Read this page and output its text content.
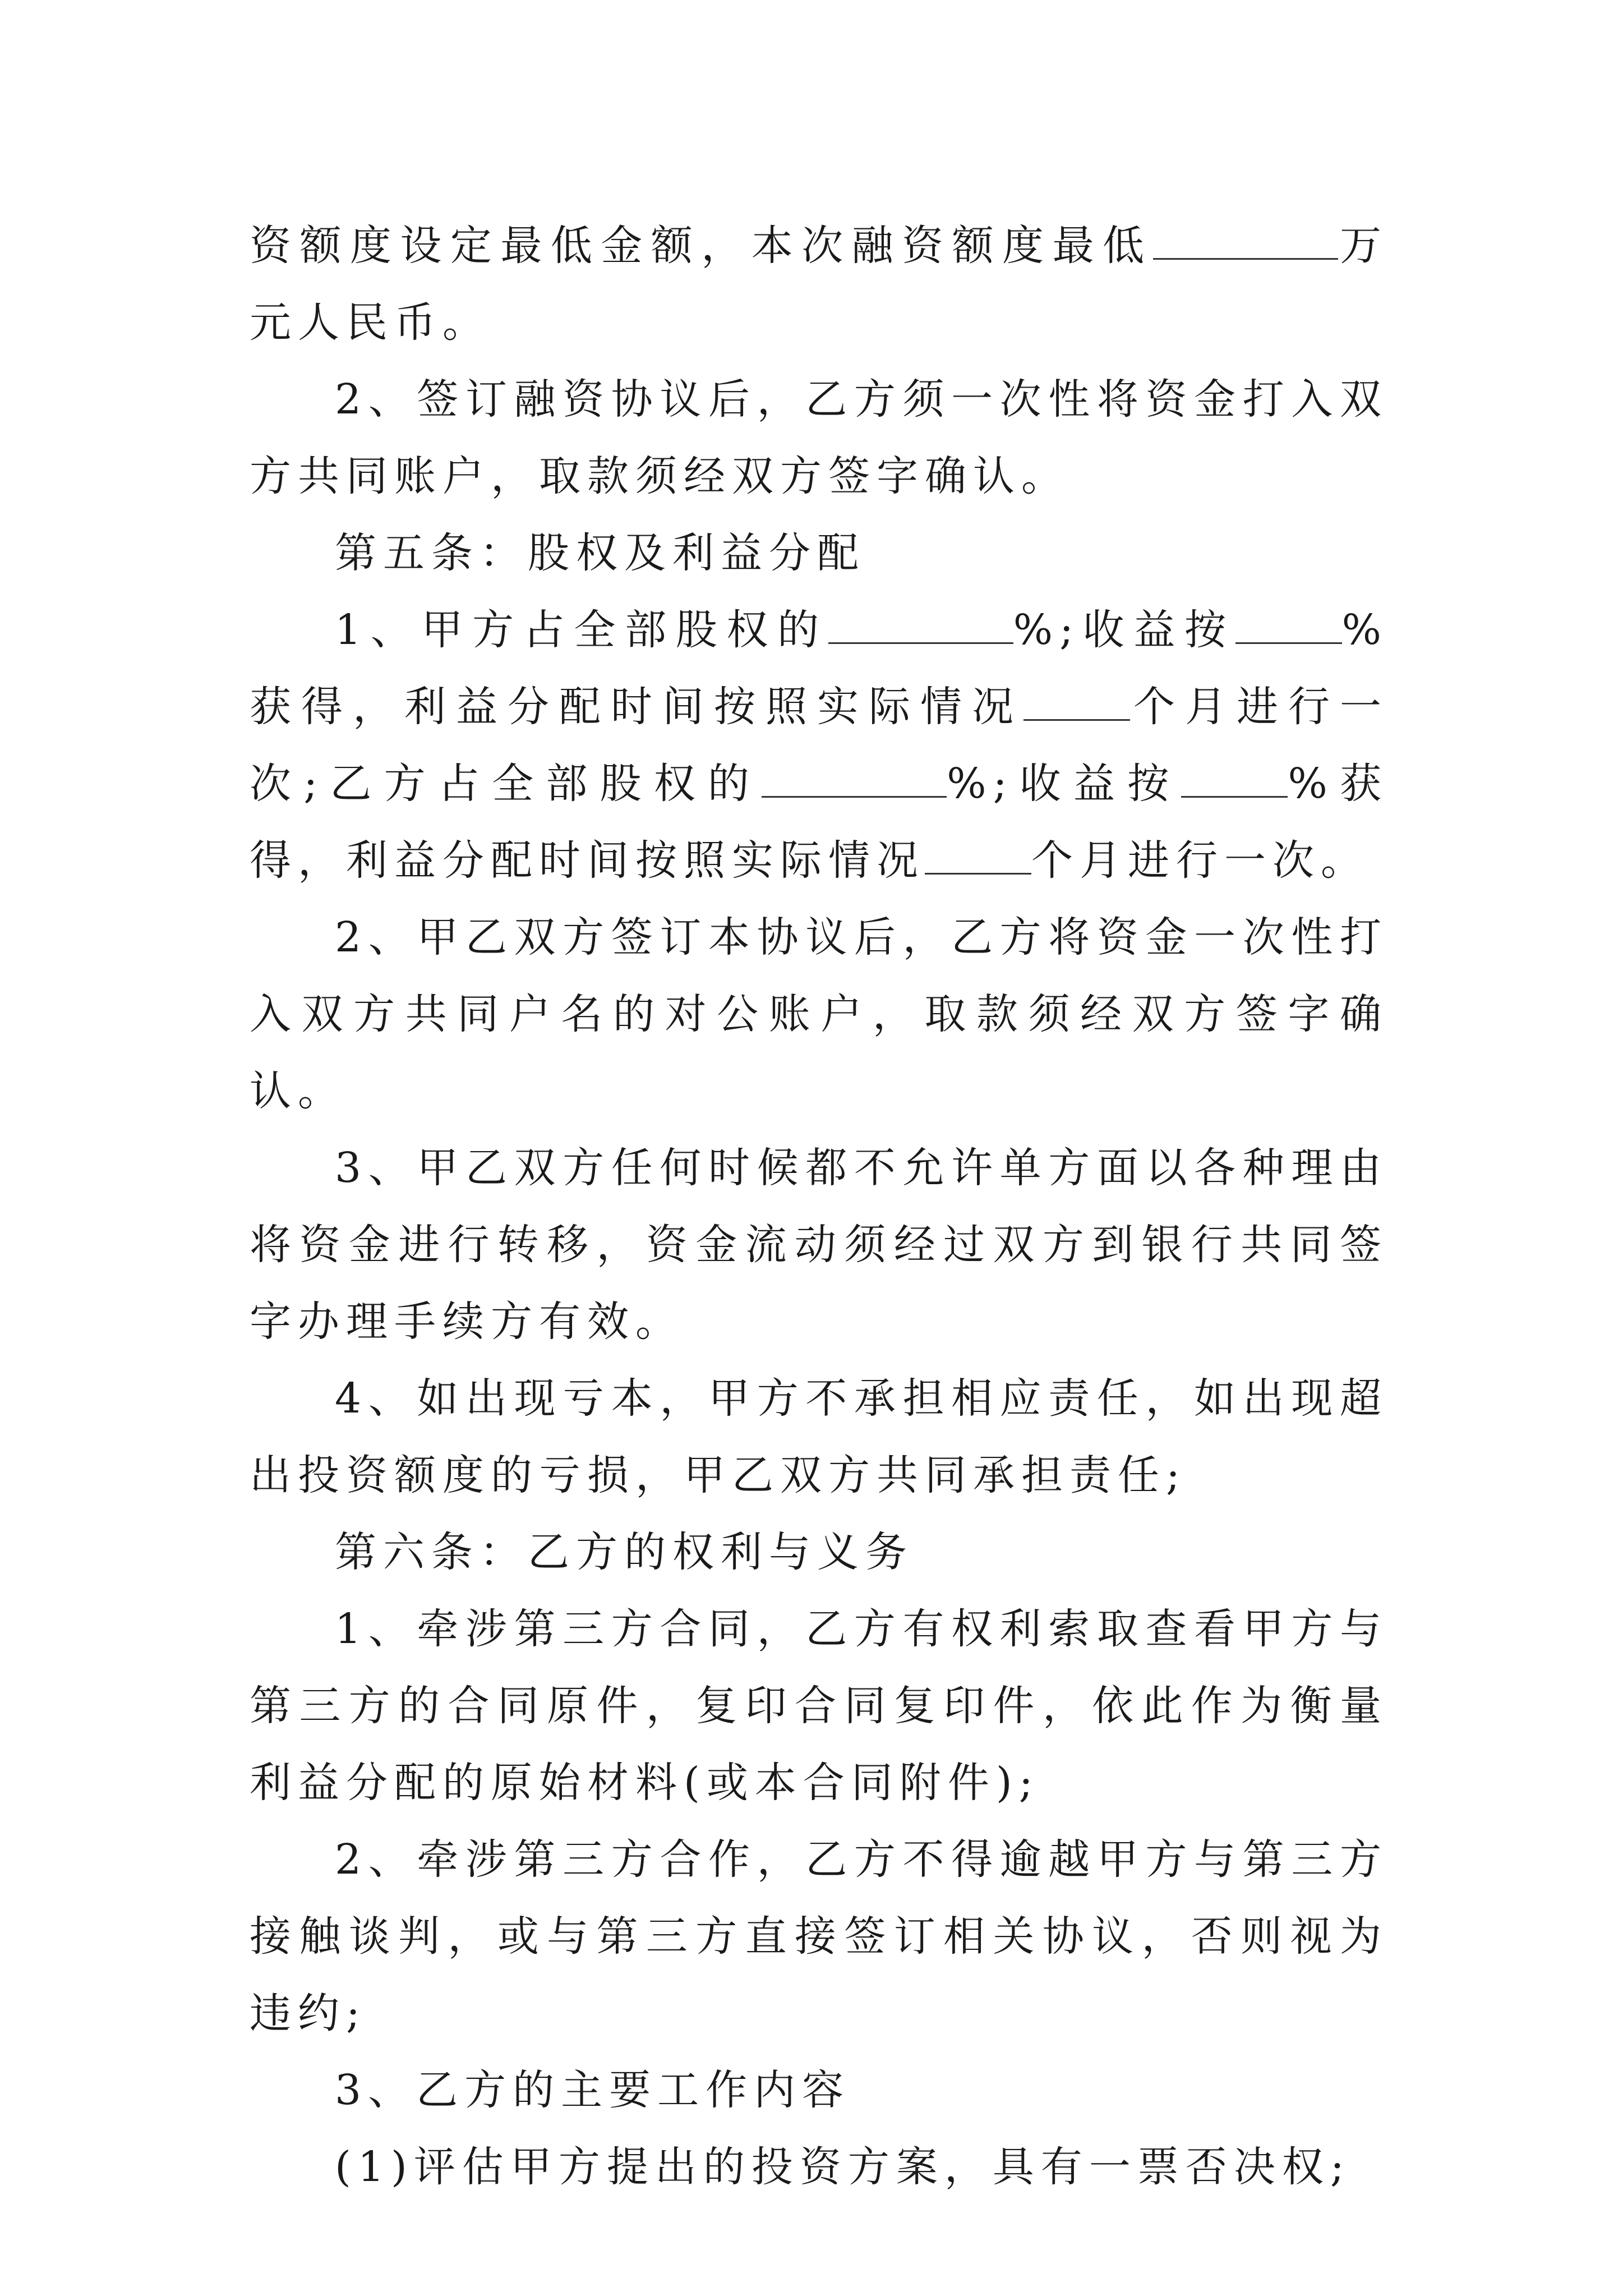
资额度设定最低金额，本次融资额度最低	万元人民币。

2、签订融资协议后，乙方须一次性将资金打入双方共同账户，取款须经双方签字确认。

第五条：股权及利益分配

1、甲方占全部股权的	%;收益按	%获得，利益分配时间按照实际情况	个月进行一次;乙方占全部股权的	%;收益按	%获得，利益分配时间按照实际情况	个月进行一次。

2、甲乙双方签订本协议后，乙方将资金一次性打入双方共同户名的对公账户，取款须经双方签字确认。

3、甲乙双方任何时候都不允许单方面以各种理由将资金进行转移，资金流动须经过双方到银行共同签字办理手续方有效。

4、如出现亏本，甲方不承担相应责任，如出现超出投资额度的亏损，甲乙双方共同承担责任;

第六条：乙方的权利与义务

1、牵涉第三方合同，乙方有权利索取查看甲方与第三方的合同原件，复印合同复印件，依此作为衡量利益分配的原始材料(或本合同附件);

2、牵涉第三方合作，乙方不得逾越甲方与第三方接触谈判，或与第三方直接签订相关协议，否则视为违约;

3、乙方的主要工作内容

(1)评估甲方提出的投资方案，具有一票否决权;
